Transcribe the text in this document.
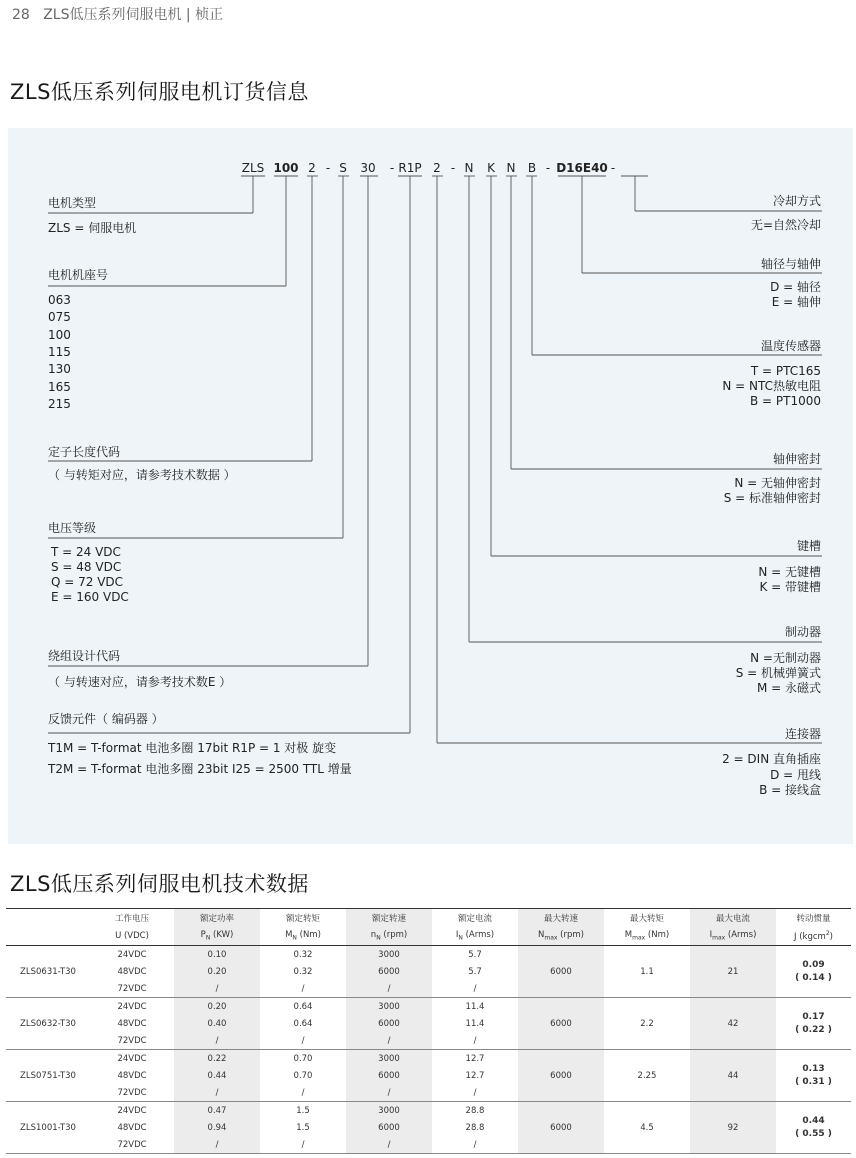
28 ZLS低压系列伺服电机 | 桢正
ZLS低压系列伺服电机订货信息
ZLS 100 2 - S 30 - R1P 2 - N K N B - D16E40 -
电机类型
ZLS = 伺服电机
电机机座号
063
075
100
115
130
165
215
定子长度代码
（ 与转矩对应，请参考技术数据 ）
电压等级
T = 24 VDC
S = 48 VDC
Q = 72 VDC
E = 160 VDC
绕组设计代码
（ 与转速对应，请参考技术数E ）
反馈元件（ 编码器 ）
T1M = T-format 电池多圈 17bit R1P = 1 对极 旋变
T2M = T-format 电池多圈 23bit I25 = 2500 TTL 增量
冷却方式
无=自然冷却
轴径与轴伸
D = 轴径
E = 轴伸
温度传感器
T = PTC165
N = NTC热敏电阻
B = PT1000
轴伸密封
N = 无轴伸密封
S = 标准轴伸密封
键槽
N = 无键槽
K = 带键槽
制动器
N =无制动器
S = 机械弹簧式
M = 永磁式
连接器
2 = DIN 直角插座
D = 甩线
B = 接线盒
ZLS低压系列伺服电机技术数据
	工作电压	额定功率	额定转矩	额定转速	额定电流	最大转速	最大转矩	最大电流	转动惯量
	U (VDC)	$P_N$ (KW)	$M_N$ (Nm)	$n_N$ (rpm)	$I_N$ (Arms)	$N_{max}$ (rpm)	$M_{max}$ (Nm)	$I_{max}$ (Arms)	J (kgcm$^2$)
ZLS0631-T30	24VDC	0.10	0.32	3000	5.7	6000	1.1	21	0.09
( 0.14 )

	48VDC	0.20	0.32	6000	5.7				
	72VDC	/	/	/	/				
ZLS0632-T30	24VDC	0.20	0.64	3000	11.4	6000	2.2	42	0.17
( 0.22 )

	48VDC	0.40	0.64	6000	11.4				
	72VDC	/	/	/	/				
ZLS0751-T30	24VDC	0.22	0.70	3000	12.7	6000	2.25	44	0.13
( 0.31 )

	48VDC	0.44	0.70	6000	12.7				
	72VDC	/	/	/	/				
ZLS1001-T30	24VDC	0.47	1.5	3000	28.8	6000	4.5	92	0.44
( 0.55 )

	48VDC	0.94	1.5	6000	28.8				
	72VDC	/	/	/	/				
